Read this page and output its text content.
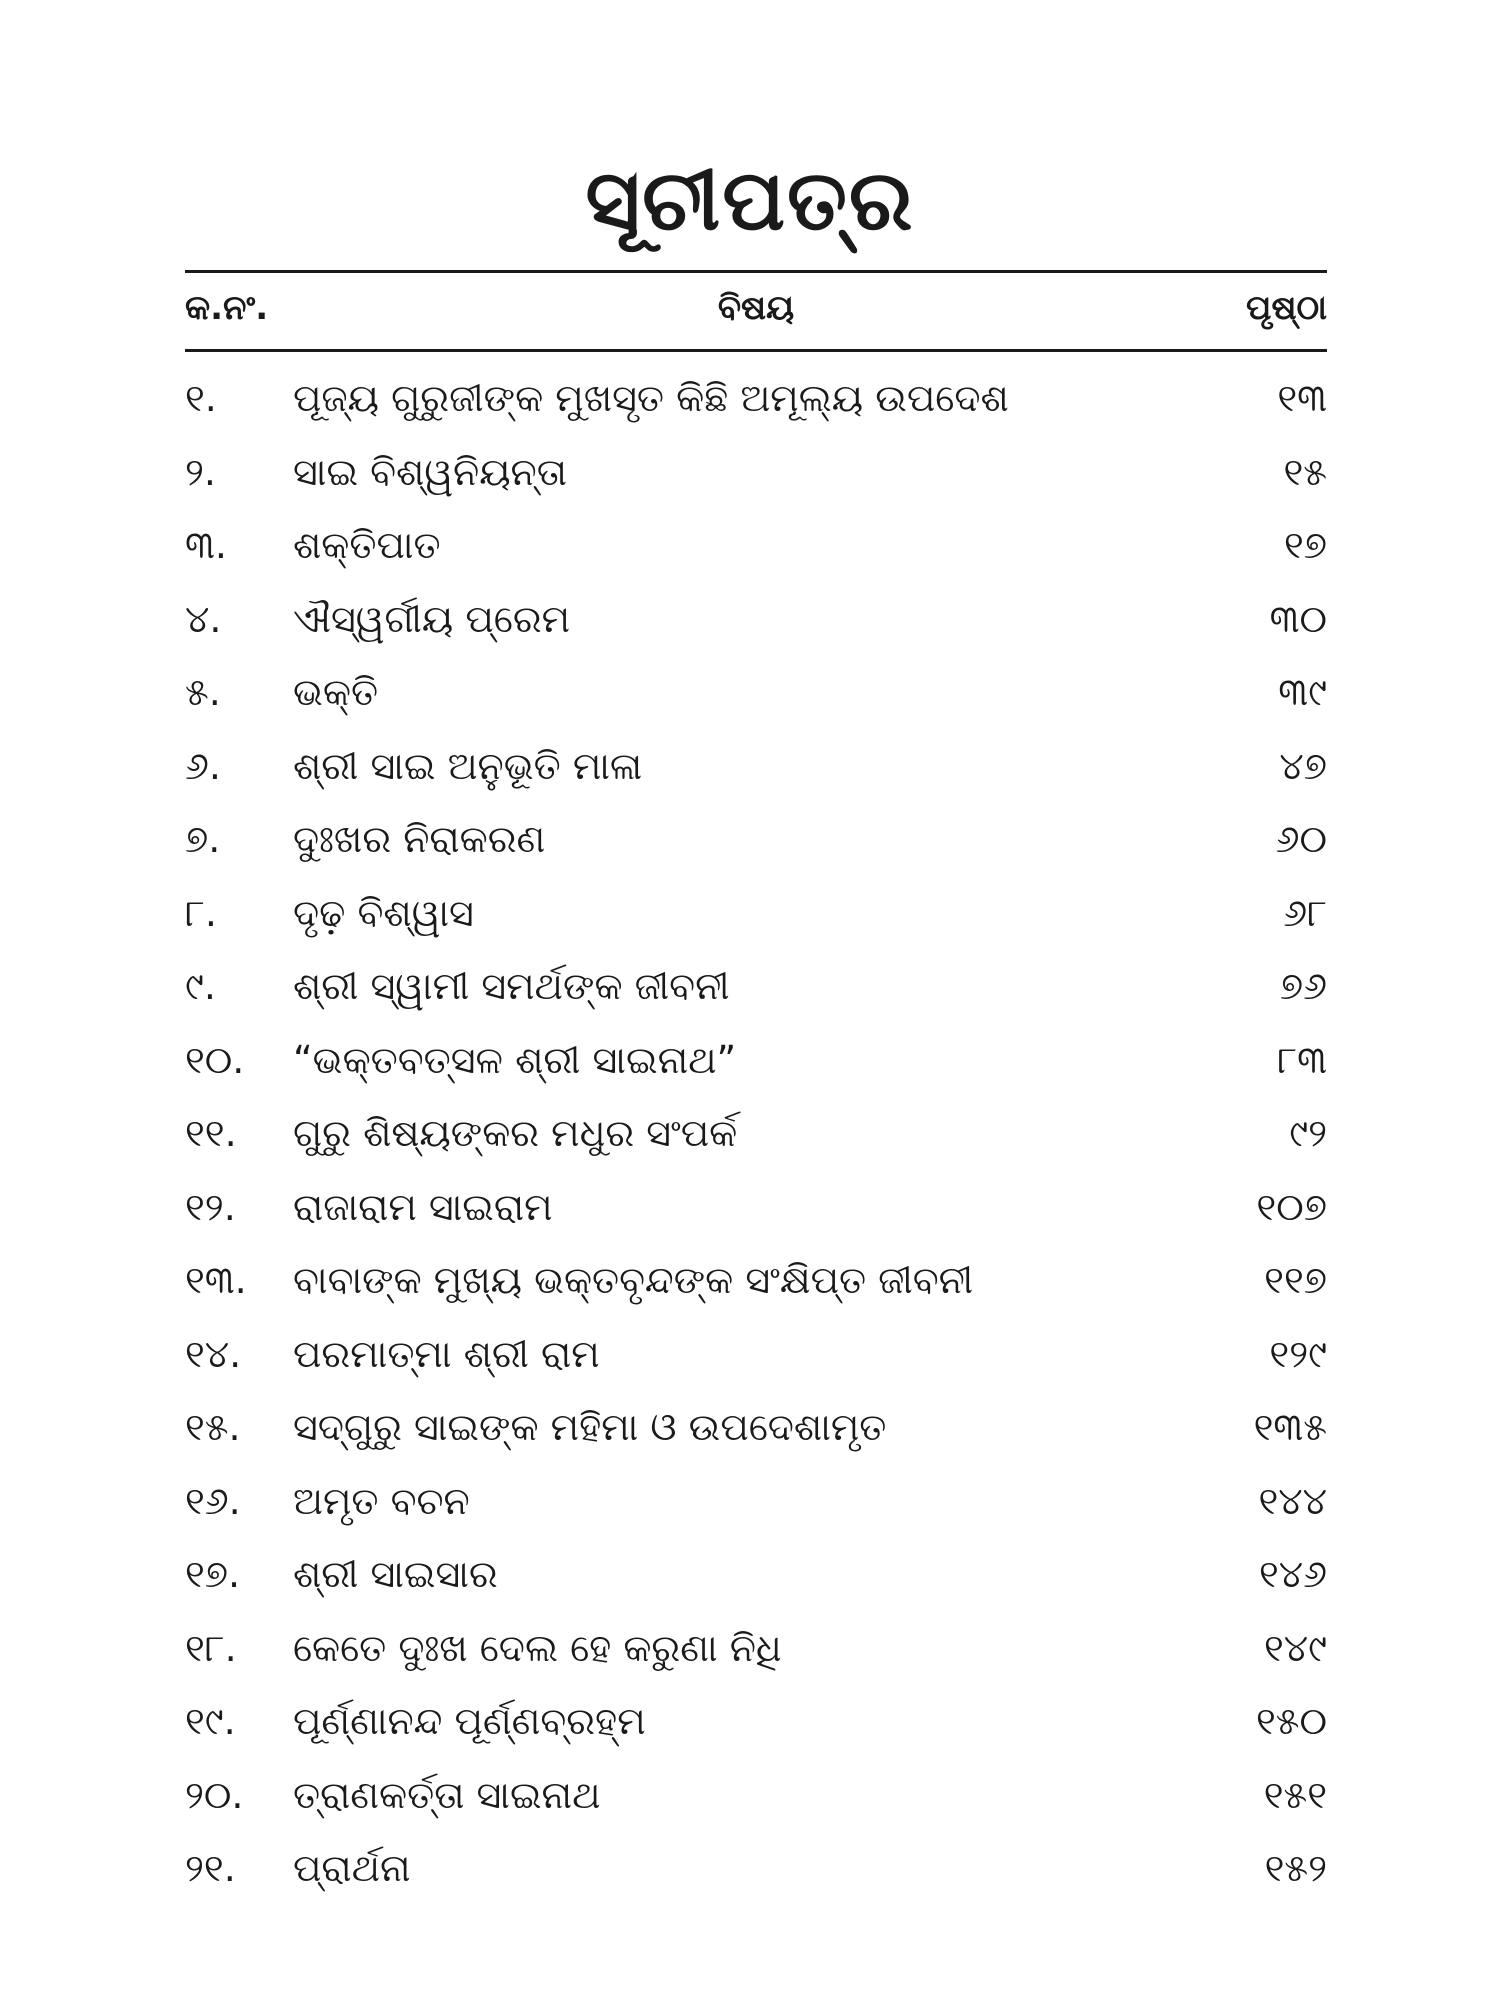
ସୂଚୀପତ୍ର
କ.ନଂ.	ବିଷୟ	ପୃଷ୍ଠା
୧.	ପୂଜ୍ୟ ଗୁରୁଜୀଙ୍କ ମୁଖସୃତ କିଛି ଅମୂଲ୍ୟ ଉପଦେଶ	୧୩
୨.	ସାଇ ବିଶ୍ୱନିୟନ୍ତା	୧୫
୩.	ଶକ୍ତିପାତ	୧୭
୪.	ଐସ୍ୱର୍ଗୀୟ ପ୍ରେମ	୩୦
୫.	ଭକ୍ତି	୩୯
୬.	ଶ୍ରୀ ସାଇ ଅନୁଭୂତି ମାଳା	୪୭
୭.	ଦୁଃଖର ନିରାକରଣ	୬୦
୮.	ଦୃଢ଼ ବିଶ୍ୱାସ	୬୮
୯.	ଶ୍ରୀ ସ୍ୱାମୀ ସମର୍ଥଙ୍କ ଜୀବନୀ	୭୬
୧୦.	“ଭକ୍ତବତ୍ସଳ ଶ୍ରୀ ସାଇନାଥ”	୮୩
୧୧.	ଗୁରୁ ଶିଷ୍ୟଙ୍କର ମଧୁର ସଂପର୍କ	୯୨
୧୨.	ରାଜାରାମ ସାଇରାମ	୧୦୭
୧୩.	ବାବାଙ୍କ ମୁଖ୍ୟ ଭକ୍ତବୃନ୍ଦଙ୍କ ସଂକ୍ଷିପ୍ତ ଜୀବନୀ	୧୧୭
୧୪.	ପରମାତ୍ମା ଶ୍ରୀ ରାମ	୧୨୯
୧୫.	ସଦ୍‌ଗୁରୁ ସାଇଙ୍କ ମହିମା ଓ ଉପଦେଶାମୃତ	୧୩୫
୧୬.	ଅମୃତ ବଚନ	୧୪୪
୧୭.	ଶ୍ରୀ ସାଇସାର	୧୪୬
୧୮.	କେତେ ଦୁଃଖ ଦେଲ ହେ କରୁଣା ନିଧି	୧୪୯
୧୯.	ପୂର୍ଣ୍ଣାନନ୍ଦ ପୂର୍ଣ୍ଣବ୍ରହ୍ମ	୧୫୦
୨୦.	ତ୍ରାଣକର୍ତ୍ତା ସାଇନାଥ	୧୫୧
୨୧.	ପ୍ରାର୍ଥନା	୧୫୨
